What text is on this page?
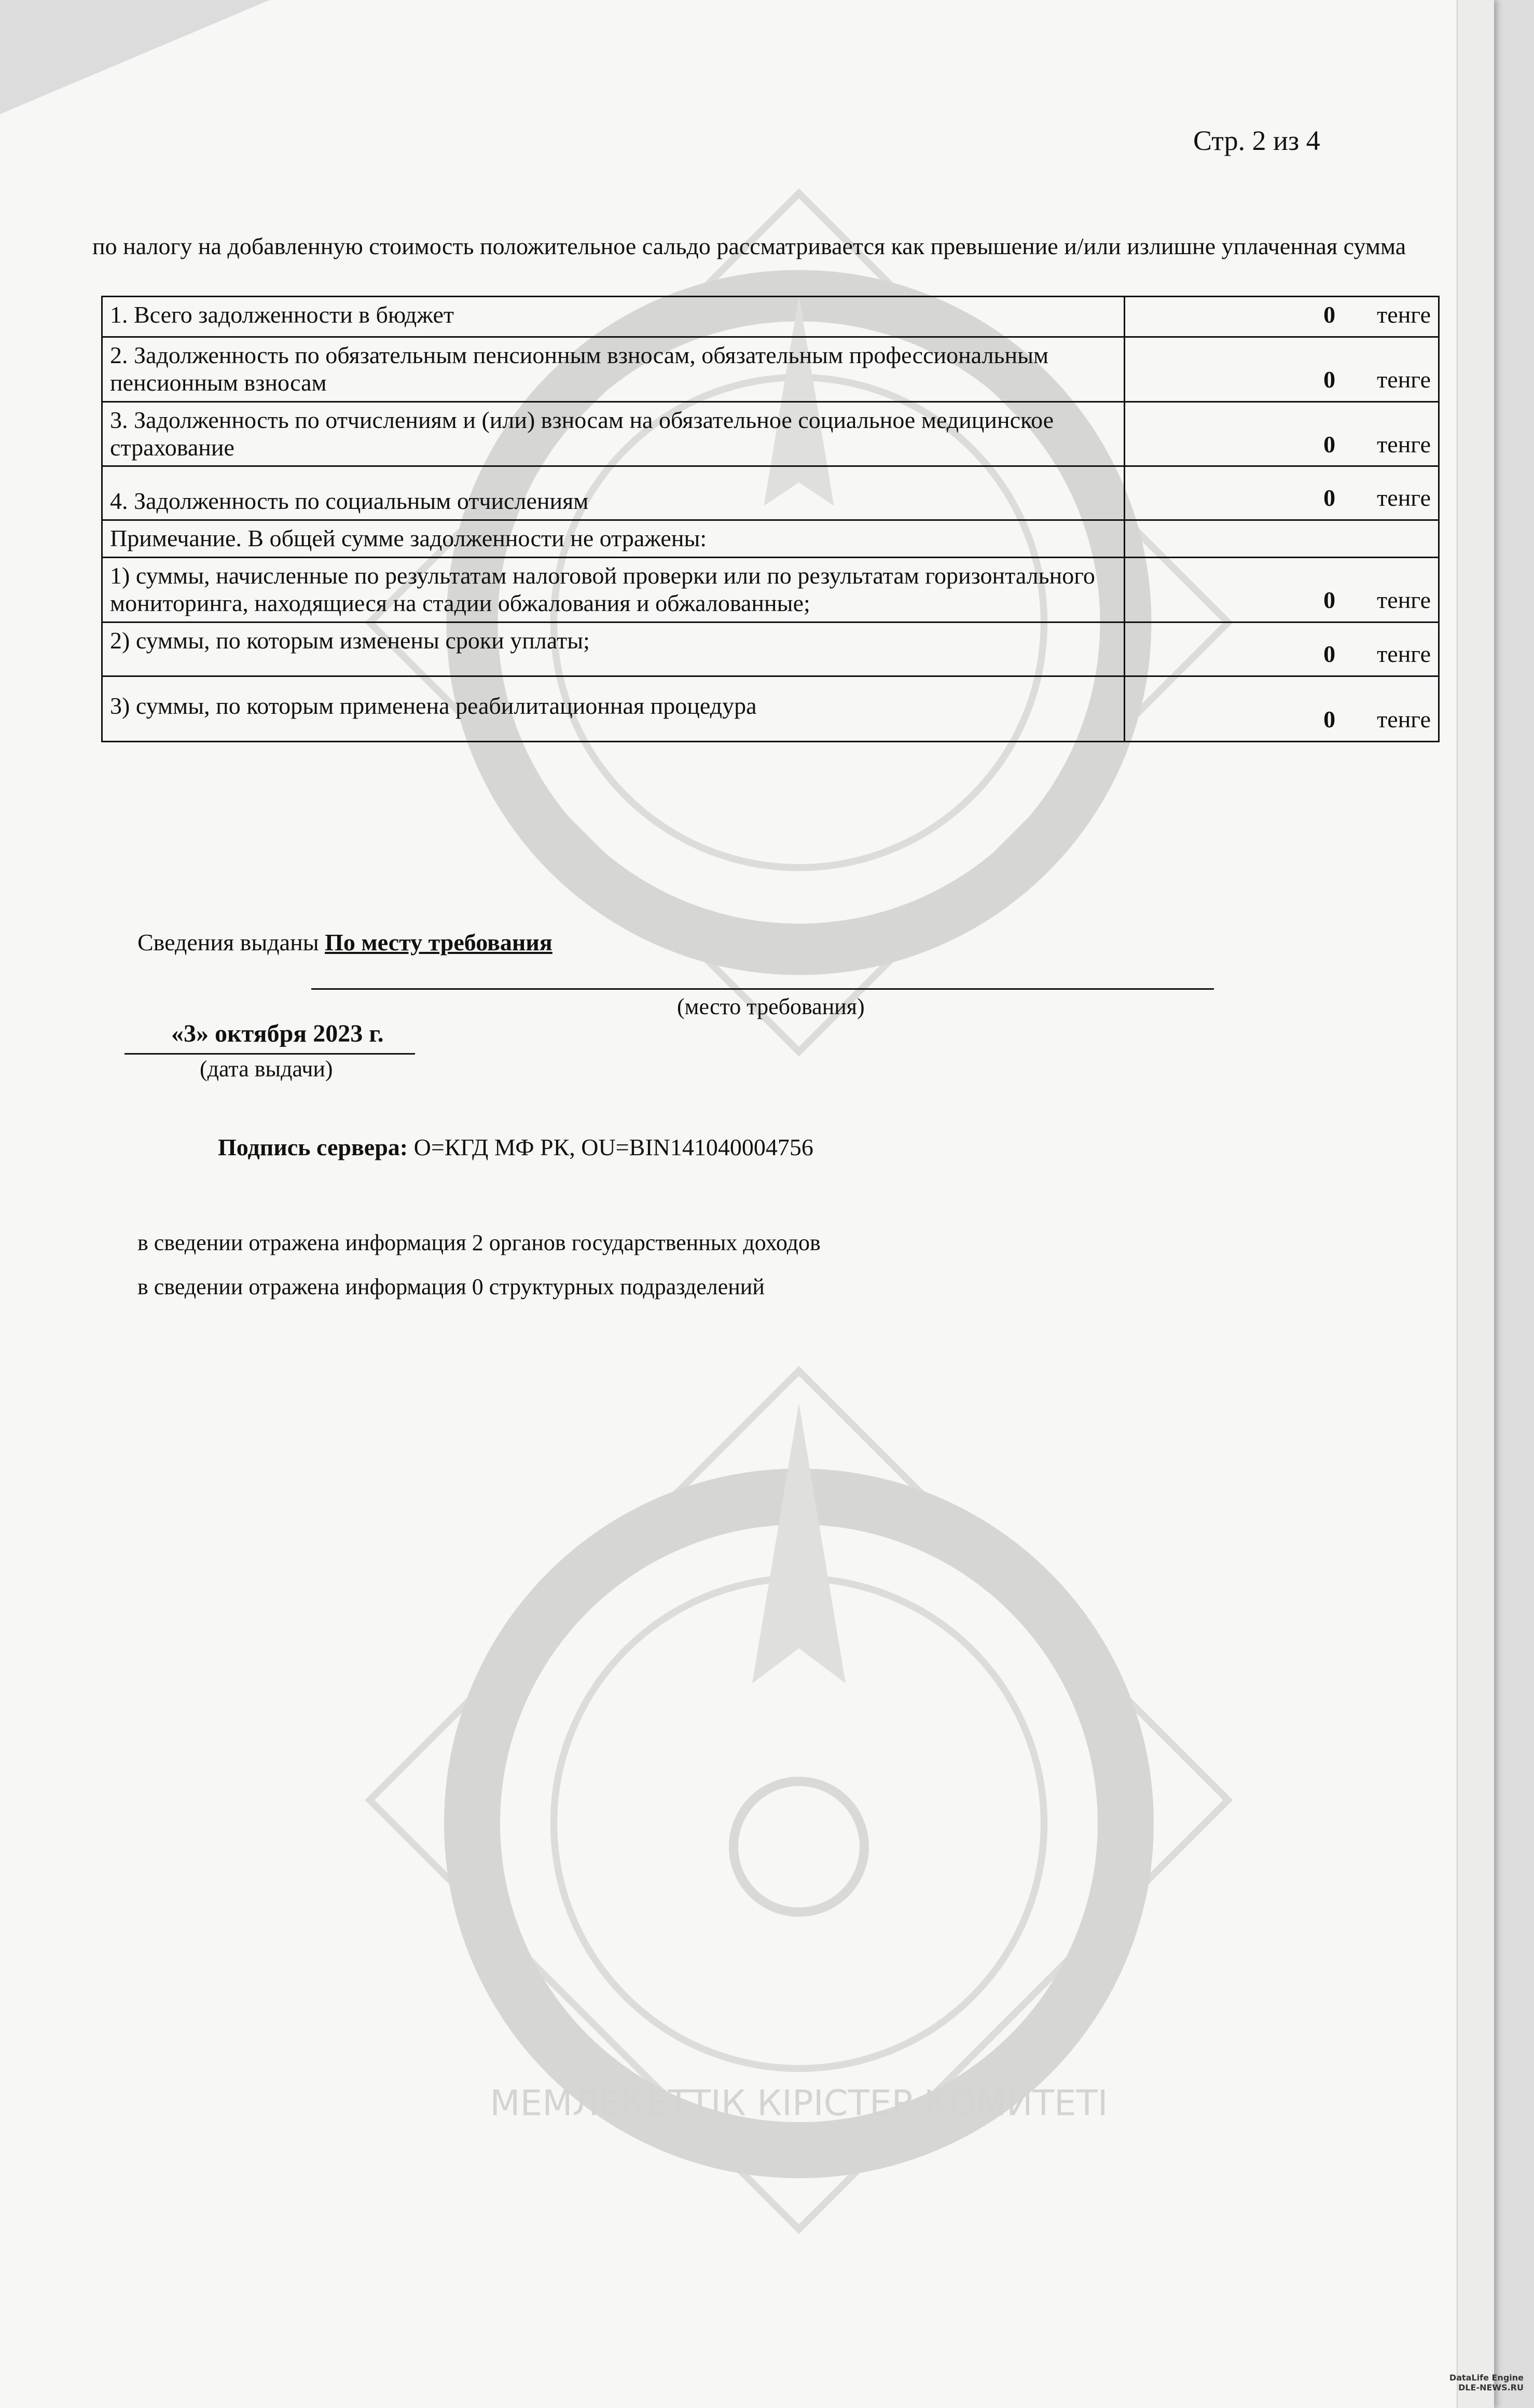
МЕМЛЕКЕТТІК КІРІСТЕР КОМИТЕТІ
Стр. 2 из 4
по налогу на добавленную стоимость положительное сальдо рассматривается как превышение и/или излишне уплаченная сумма
1. Всего задолженности в бюджет	0 тенге

2. Задолженность по обязательным пенсионным взносам, обязательным профессиональным пенсионным взносам	0 тенге

3. Задолженность по отчислениям и (или) взносам на обязательное социальное медицинское страхование	0 тенге

4. Задолженность по социальным отчислениям	0 тенге

Примечание. В общей сумме задолженности не отражены:	

1) суммы, начисленные по результатам налоговой проверки или по результатам горизонтального мониторинга, находящиеся на стадии обжалования и обжалованные;	0 тенге

2) суммы, по которым изменены сроки уплаты;	0 тенге

3) суммы, по которым применена реабилитационная процедура	0 тенге
Сведения выданы По месту требования
(место требования)
«3» октября 2023 г.
(дата выдачи)
Подпись сервера: O=КГД МФ РК, OU=BIN141040004756
в сведении отражена информация 2 органов государственных доходов
в сведении отражена информация 0 структурных подразделений
DataLife Engine
DLE-NEWS.RU
